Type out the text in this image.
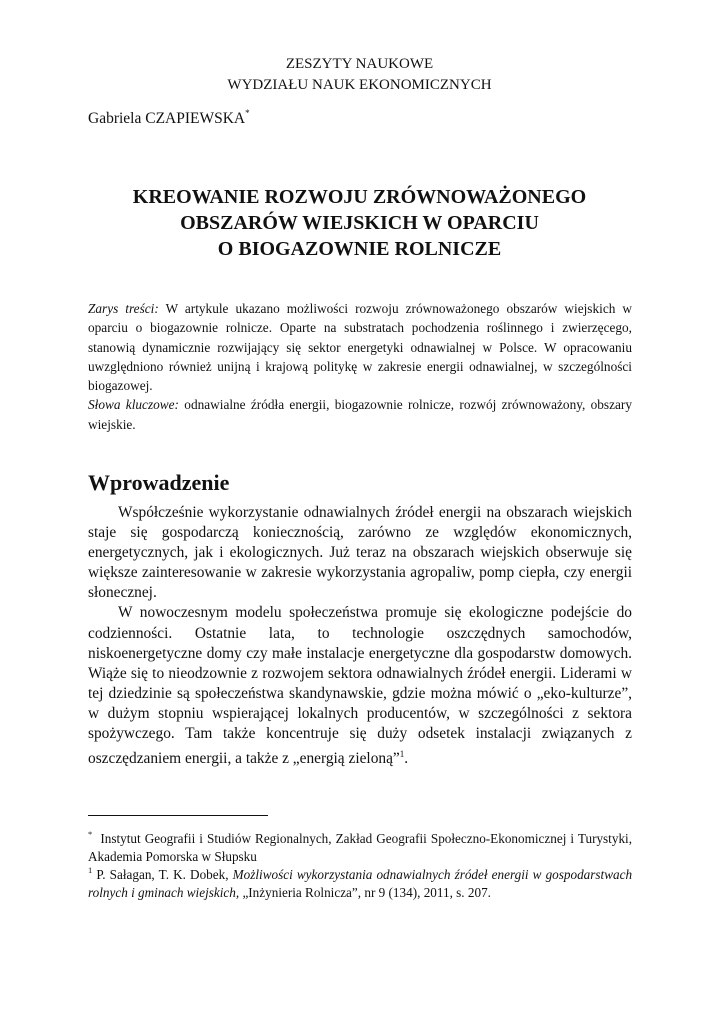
ZESZYTY NAUKOWE
WYDZIAŁU NAUK EKONOMICZNYCH
Gabriela CZAPIEWSKA*
KREOWANIE ROZWOJU ZRÓWNOWAŻONEGO
OBSZARÓW WIEJSKICH W OPARCIU
O BIOGAZOWNIE ROLNICZE

Zarys treści: W artykule ukazano możliwości rozwoju zrównoważonego obszarów wiejskich w oparciu o biogazownie rolnicze. Oparte na substratach pochodzenia roślinnego i zwierzęcego, stanowią dynamicznie rozwijający się sektor energetyki odnawialnej w Polsce. W opracowaniu uwzględniono również unijną i krajową politykę w zakresie energii odnawialnej, w szczególności biogazowej.

Słowa kluczowe: odnawialne źródła energii, biogazownie rolnicze, rozwój zrównoważony, obszary wiejskie.

Wprowadzenie

Współcześnie wykorzystanie odnawialnych źródeł energii na obszarach wiejskich staje się gospodarczą koniecznością, zarówno ze względów ekonomicznych, energetycznych, jak i ekologicznych. Już teraz na obszarach wiejskich obserwuje się większe zainteresowanie w zakresie wykorzystania agropaliw, pomp ciepła, czy energii słonecznej.

W nowoczesnym modelu społeczeństwa promuje się ekologiczne podejście do codzienności. Ostatnie lata, to technologie oszczędnych samochodów, niskoenergetyczne domy czy małe instalacje energetyczne dla gospodarstw domowych. Wiąże się to nieodzownie z rozwojem sektora odnawialnych źródeł energii. Liderami w tej dziedzinie są społeczeństwa skandynawskie, gdzie można mówić o „eko-kulturze”, w dużym stopniu wspierającej lokalnych producentów, w szczególności z sektora spożywczego. Tam także koncentruje się duży odsetek instalacji związanych z oszczędzaniem energii, a także z „energią zieloną”$^1$.

* Instytut Geografii i Studiów Regionalnych, Zakład Geografii Społeczno-Ekonomicznej i Turystyki, Akademia Pomorska w Słupsku
$^1$ P. Sałagan, T. K. Dobek, Możliwości wykorzystania odnawialnych źródeł energii w gospodarstwach rolnych i gminach wiejskich, „Inżynieria Rolnicza”, nr 9 (134), 2011, s. 207.
